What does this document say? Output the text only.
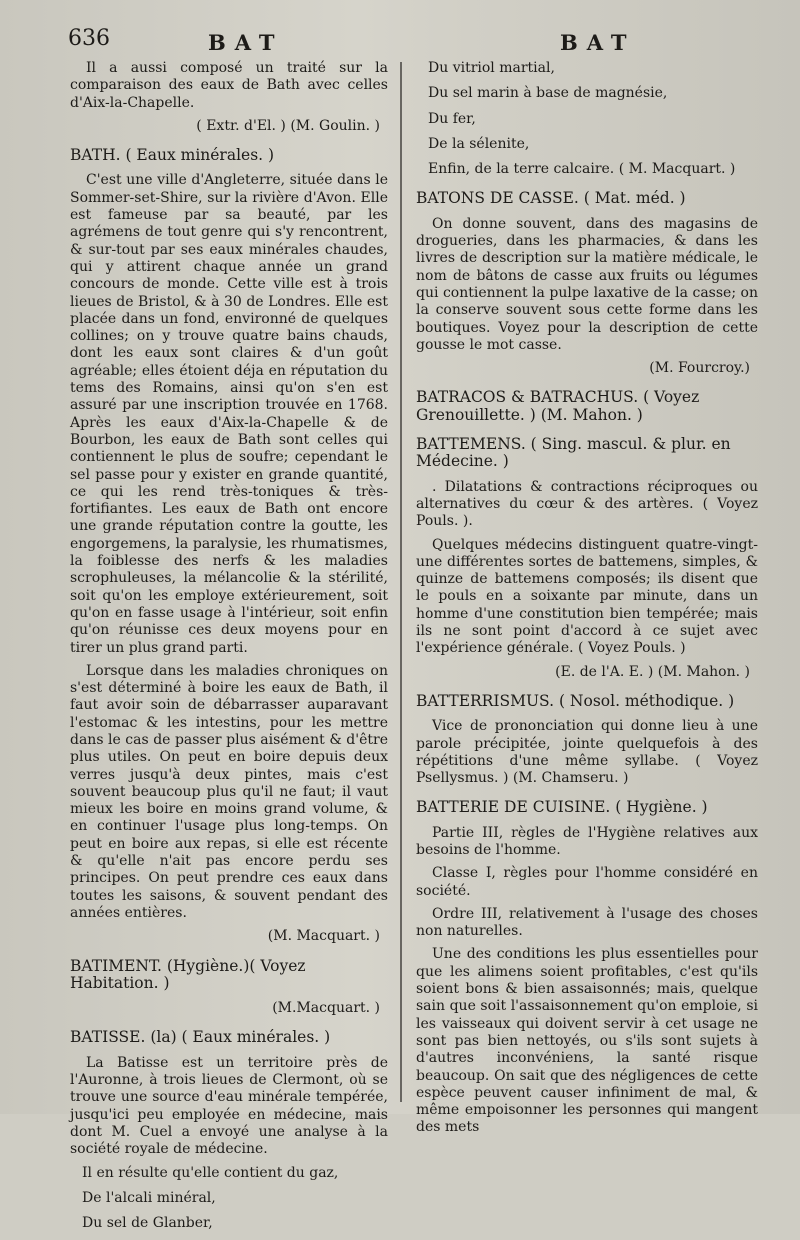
636	BAT	BAT

Il a aussi composé un traité sur la comparaison des eaux de Bath avec celles d'Aix-la-Chapelle.

( Extr. d'El. ) (M. Goulin. )

BATH. ( Eaux minérales. )

C'est une ville d'Angleterre, située dans le Sommer-set-Shire, sur la rivière d'Avon. Elle est fameuse par sa beauté, par les agrémens de tout genre qui s'y rencontrent, & sur-tout par ses eaux minérales chaudes, qui y attirent chaque année un grand concours de monde. Cette ville est à trois lieues de Bristol, & à 30 de Londres. Elle est placée dans un fond, environné de quelques collines; on y trouve quatre bains chauds, dont les eaux sont claires & d'un goût agréable; elles étoient déja en réputation du tems des Romains, ainsi qu'on s'en est assuré par une inscription trouvée en 1768. Après les eaux d'Aix-la-Chapelle & de Bourbon, les eaux de Bath sont celles qui contiennent le plus de soufre; cependant le sel passe pour y exister en grande quantité, ce qui les rend très-toniques & très-fortifiantes. Les eaux de Bath ont encore une grande réputation contre la goutte, les engorgemens, la paralysie, les rhumatismes, la foiblesse des nerfs & les maladies scrophuleuses, la mélancolie & la stérilité, soit qu'on les employe extérieurement, soit qu'on en fasse usage à l'intérieur, soit enfin qu'on réunisse ces deux moyens pour en tirer un plus grand parti.

Lorsque dans les maladies chroniques on s'est déterminé à boire les eaux de Bath, il faut avoir soin de débarrasser auparavant l'estomac & les intestins, pour les mettre dans le cas de passer plus aisément & d'être plus utiles. On peut en boire depuis deux verres jusqu'à deux pintes, mais c'est souvent beaucoup plus qu'il ne faut; il vaut mieux les boire en moins grand volume, & en continuer l'usage plus long-temps. On peut en boire aux repas, si elle est récente & qu'elle n'ait pas encore perdu ses principes. On peut prendre ces eaux dans toutes les saisons, & souvent pendant des années entières.

(M. Macquart. )

BATIMENT. (Hygiène.)( Voyez Habitation. )

(M.Macquart. )

BATISSE. (la) ( Eaux minérales. )

La Batisse est un territoire près de l'Auronne, à trois lieues de Clermont, où se trouve une source d'eau minérale tempérée, jusqu'ici peu employée en médecine, mais dont M. Cuel a envoyé une analyse à la société royale de médecine.

Il en résulte qu'elle contient du gaz,

De l'alcali minéral,

Du sel de Glanber,

Du vitriol martial,

Du sel marin à base de magnésie,

Du fer,

De la sélenite,

Enfin, de la terre calcaire. ( M. Macquart. )

BATONS DE CASSE. ( Mat. méd. )

On donne souvent, dans des magasins de drogueries, dans les pharmacies, & dans les livres de description sur la matière médicale, le nom de bâtons de casse aux fruits ou légumes qui contiennent la pulpe laxative de la casse; on la conserve souvent sous cette forme dans les boutiques. Voyez pour la description de cette gousse le mot casse.

(M. Fourcroy.)

BATRACOS & BATRACHUS. ( Voyez Grenouillette. ) (M. Mahon. )

BATTEMENS. ( Sing. mascul. & plur. en Médecine. )

. Dilatations & contractions réciproques ou alternatives du cœur & des artères. ( Voyez Pouls. ).

Quelques médecins distinguent quatre-vingt-une différentes sortes de battemens, simples, & quinze de battemens composés; ils disent que le pouls en a soixante par minute, dans un homme d'une constitution bien tempérée; mais ils ne sont point d'accord à ce sujet avec l'expérience générale. ( Voyez Pouls. )

(E. de l'A. E. ) (M. Mahon. )

BATTERRISMUS. ( Nosol. méthodique. )

Vice de prononciation qui donne lieu à une parole précipitée, jointe quelquefois à des répétitions d'une même syllabe. ( Voyez Psellysmus. ) (M. Chamseru. )

BATTERIE DE CUISINE. ( Hygiène. )

Partie III, règles de l'Hygiène relatives aux besoins de l'homme.

Classe I, règles pour l'homme considéré en société.

Ordre III, relativement à l'usage des choses non naturelles.

Une des conditions les plus essentielles pour que les alimens soient profitables, c'est qu'ils soient bons & bien assaisonnés; mais, quelque sain que soit l'assaisonnement qu'on emploie, si les vaisseaux qui doivent servir à cet usage ne sont pas bien nettoyés, ou s'ils sont sujets à d'autres inconvéniens, la santé risque beaucoup. On sait que des négligences de cette espèce peuvent causer infiniment de mal, & même empoisonner les personnes qui mangent des mets
